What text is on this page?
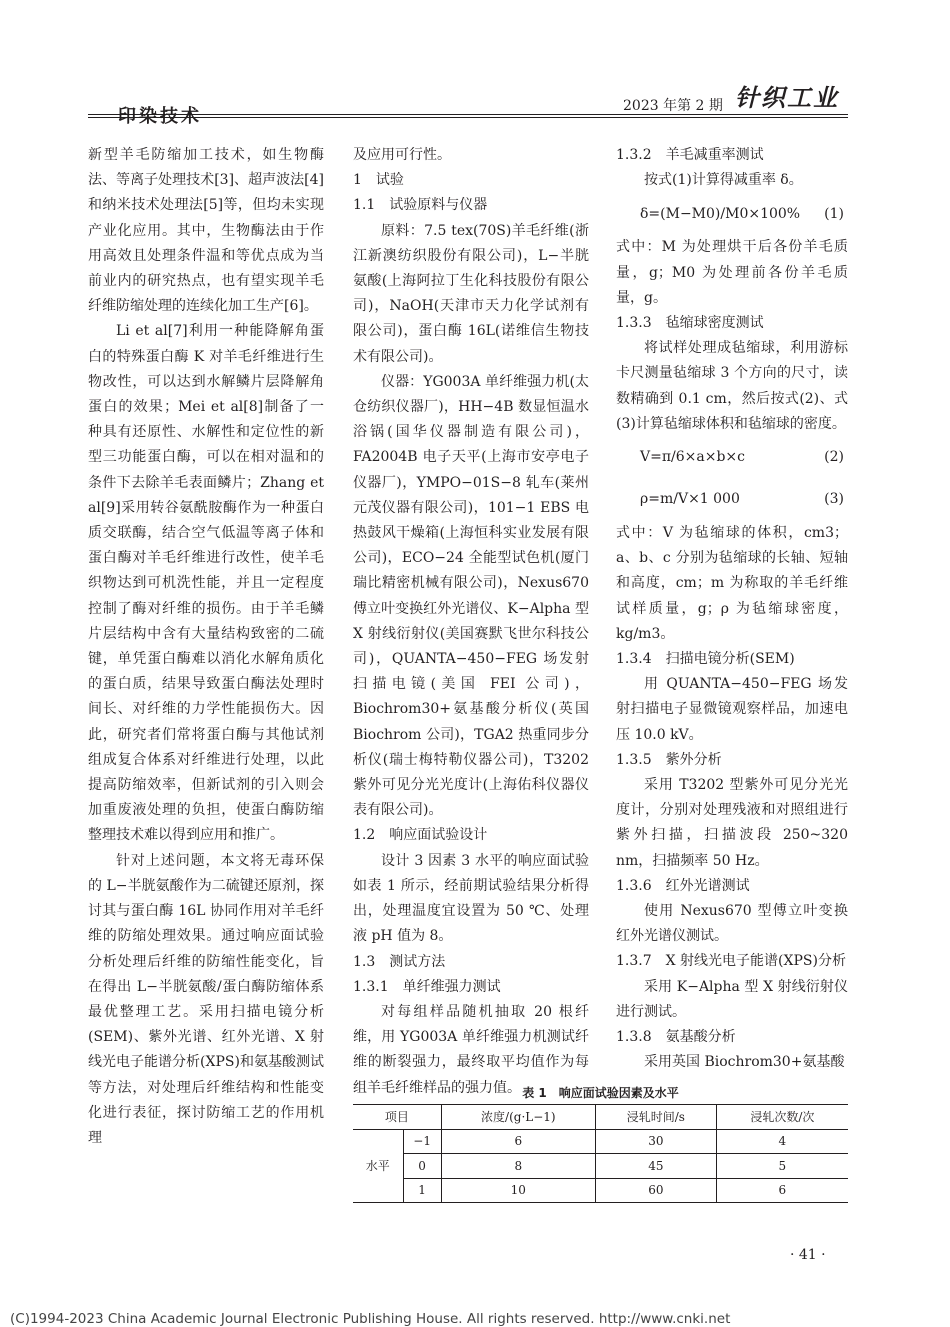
印染技术	2023 年第 2 期 针织工业

新型羊毛防缩加工技术，如生物酶法、等离子处理技术[3]、超声波法[4]和纳米技术处理法[5]等，但均未实现产业化应用。其中，生物酶法由于作用高效且处理条件温和等优点成为当前业内的研究热点，也有望实现羊毛纤维防缩处理的连续化加工生产[6]。

Li et al[7]利用一种能降解角蛋白的特殊蛋白酶 K 对羊毛纤维进行生物改性，可以达到水解鳞片层降解角蛋白的效果；Mei et al[8]制备了一种具有还原性、水解性和定位性的新型三功能蛋白酶，可以在相对温和的条件下去除羊毛表面鳞片；Zhang et al[9]采用转谷氨酰胺酶作为一种蛋白质交联酶，结合空气低温等离子体和蛋白酶对羊毛纤维进行改性，使羊毛织物达到可机洗性能，并且一定程度控制了酶对纤维的损伤。由于羊毛鳞片层结构中含有大量结构致密的二硫键，单凭蛋白酶难以消化水解角质化的蛋白质，结果导致蛋白酶法处理时间长、对纤维的力学性能损伤大。因此，研究者们常将蛋白酶与其他试剂组成复合体系对纤维进行处理，以此提高防缩效率，但新试剂的引入则会加重废液处理的负担，使蛋白酶防缩整理技术难以得到应用和推广。

针对上述问题，本文将无毒环保的 L−半胱氨酸作为二硫键还原剂，探讨其与蛋白酶 16L 协同作用对羊毛纤维的防缩处理效果。通过响应面试验分析处理后纤维的防缩性能变化，旨在得出 L−半胱氨酸/蛋白酶防缩体系最优整理工艺。采用扫描电镜分析(SEM)、紫外光谱、红外光谱、X 射线光电子能谱分析(XPS)和氨基酸测试等方法，对处理后纤维结构和性能变化进行表征，探讨防缩工艺的作用机理

及应用可行性。

1　试验

1.1　试验原料与仪器

原料：7.5 tex(70S)羊毛纤维(浙江新澳纺织股份有限公司)，L−半胱氨酸(上海阿拉丁生化科技股份有限公司)，NaOH(天津市天力化学试剂有限公司)，蛋白酶 16L(诺维信生物技术有限公司)。

仪器：YG003A 单纤维强力机(太仓纺织仪器厂)，HH−4B 数显恒温水浴锅(国华仪器制造有限公司)，FA2004B 电子天平(上海市安亭电子仪器厂)，YMPO−01S−8 轧车(莱州元茂仪器有限公司)，101−1 EBS 电热鼓风干燥箱(上海恒科实业发展有限公司)，ECO−24 全能型试色机(厦门瑞比精密机械有限公司)，Nexus670 傅立叶变换红外光谱仪、K−Alpha 型 X 射线衍射仪(美国赛默飞世尔科技公司)，QUANTA−450−FEG 场发射扫描电镜(美国 FEI 公司)，Biochrom30+氨基酸分析仪(英国 Biochrom 公司)，TGA2 热重同步分析仪(瑞士梅特勒仪器公司)，T3202 紫外可见分光光度计(上海佑科仪器仪表有限公司)。

1.2　响应面试验设计

设计 3 因素 3 水平的响应面试验如表 1 所示，经前期试验结果分析得出，处理温度宜设置为 50 ℃、处理液 pH 值为 8。

1.3　测试方法

1.3.1　单纤维强力测试

对每组样品随机抽取 20 根纤维，用 YG003A 单纤维强力机测试纤维的断裂强力，最终取平均值作为每组羊毛纤维样品的强力值。

1.3.2　羊毛减重率测试

按式(1)计算得减重率 δ。

δ=(M−M0)/M0×100% (1)

式中：M 为处理烘干后各份羊毛质量，g；M0 为处理前各份羊毛质量，g。

1.3.3　毡缩球密度测试

将试样处理成毡缩球，利用游标卡尺测量毡缩球 3 个方向的尺寸，读数精确到 0.1 cm，然后按式(2)、式(3)计算毡缩球体积和毡缩球的密度。

V=π/6×a×b×c	(2)
ρ=m/V×1 000	(3)

式中：V 为毡缩球的体积，cm3；a、b、c 分别为毡缩球的长轴、短轴和高度，cm；m 为称取的羊毛纤维试样质量，g；ρ 为毡缩球密度，kg/m3。

1.3.4　扫描电镜分析(SEM)

用 QUANTA−450−FEG 场发射扫描电子显微镜观察样品，加速电压 10.0 kV。

1.3.5　紫外分析

采用 T3202 型紫外可见分光光度计，分别对处理残液和对照组进行紫外扫描，扫描波段 250~320 nm，扫描频率 50 Hz。

1.3.6　红外光谱测试

使用 Nexus670 型傅立叶变换红外光谱仪测试。

1.3.7　X 射线光电子能谱(XPS)分析

采用 K−Alpha 型 X 射线衍射仪进行测试。

1.3.8　氨基酸分析

采用英国 Biochrom30+氨基酸

表 1　响应面试验因素及水平
项目		浓度/(g·L−1)	浸轧时间/s	浸轧次数/次
水平	−1	6	30	4
	0	8	45	5
	1	10	60	6
· 41 ·
(C)1994-2023 China Academic Journal Electronic Publishing House. All rights reserved. http://www.cnki.net
